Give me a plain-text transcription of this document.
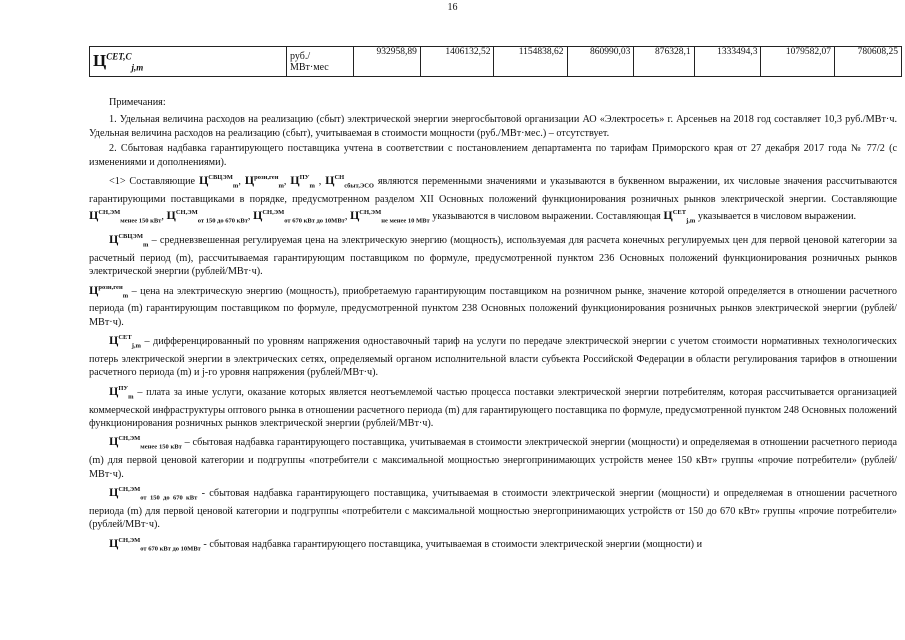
16
$Ц^{СЕТ,С}_{j,m}$	
руб./
МВт·мес
	932958,89	1406132,52	1154838,62	860990,03	876328,1	1333494,3	1079582,07	780608,25

Примечания:

1. Удельная величина расходов на реализацию (сбыт) электрической энергии энергосбытовой организации АО «Электросеть» г. Арсеньев на 2018 год составляет 10,3 руб./МВт·ч. Удельная величина расходов на реализацию (сбыт), учитываемая в стоимости мощности (руб./МВт·мес.) – отсутствует.

2. Сбытовая надбавка гарантирующего поставщика учтена в соответствии с постановлением департамента по тарифам Приморского края от 27 декабря 2017 года № 77/2 (с изменениями и дополнениями).

<1> Составляющие $Ц^{СВЦЭМ}_m$, $Ц^{розн,ген}_m$, $Ц^{ПУ}_m$ , $Ц^{СН}_{сбыт,ЭСО}$ являются переменными значениями и указываются в буквенном выражении, их числовые значения рассчитываются гарантирующими поставщиками в порядке, предусмотренном разделом XII Основных положений функционирования розничных рынков электрической энергии. Составляющие $Ц^{СН,ЭМ}_{менее 150 кВт}$, $Ц^{СН,ЭМ}_{от 150 до 670 кВт}$, $Ц^{СН,ЭМ}_{от 670 кВт до 10МВт}$, $Ц^{СН,ЭМ}_{не менее 10 МВт}$ указываются в числовом выражении. Составляющая $Ц^{СЕТ}_{j,m}$ указывается в числовом выражении.

$Ц^{СВЦЭМ}_m$ – средневзвешенная регулируемая цена на электрическую энергию (мощность), используемая для расчета конечных регулируемых цен для первой ценовой категории за расчетный период (m), рассчитываемая гарантирующим поставщиком по формуле, предусмотренной пунктом 236 Основных положений функционирования розничных рынков электрической энергии (рублей/МВт·ч).

$Ц^{розн,ген}_m$ – цена на электрическую энергию (мощность), приобретаемую гарантирующим поставщиком на розничном рынке, значение которой определяется в отношении расчетного периода (m) гарантирующим поставщиком по формуле, предусмотренной пунктом 238 Основных положений функционирования розничных рынков электрической энергии (рублей/МВт·ч).

$Ц^{СЕТ}_{j,m}$ – дифференцированный по уровням напряжения одноставочный тариф на услуги по передаче электрической энергии с учетом стоимости нормативных технологических потерь электрической энергии в электрических сетях, определяемый органом исполнительной власти субъекта Российской Федерации в области регулирования тарифов в отношении расчетного периода (m) и j-го уровня напряжения (рублей/МВт·ч).

$Ц^{ПУ}_m$ – плата за иные услуги, оказание которых является неотъемлемой частью процесса поставки электрической энергии потребителям, которая рассчитывается организацией коммерческой инфраструктуры оптового рынка в отношении расчетного периода (m) для гарантирующего поставщика по формуле, предусмотренной пунктом 248 Основных положений функционирования розничных рынков электрической энергии (рублей/МВт·ч).

$Ц^{СН,ЭМ}_{менее 150 кВт}$ – сбытовая надбавка гарантирующего поставщика, учитываемая в стоимости электрической энергии (мощности) и определяемая в отношении расчетного периода (m) для первой ценовой категории и подгруппы «потребители с максимальной мощностью энергопринимающих устройств менее 150 кВт» группы «прочие потребители» (рублей/МВт·ч).

$Ц^{СН,ЭМ}_{от 150 до 670 кВт}$ - сбытовая надбавка гарантирующего поставщика, учитываемая в стоимости электрической энергии (мощности) и определяемая в отношении расчетного периода (m) для первой ценовой категории и подгруппы «потребители с максимальной мощностью энергопринимающих устройств от 150 до 670 кВт» группы «прочие потребители» (рублей/МВт·ч).

$Ц^{СН,ЭМ}_{от 670 кВт до 10МВт}$ - сбытовая надбавка гарантирующего поставщика, учитываемая в стоимости электрической энергии (мощности) и
